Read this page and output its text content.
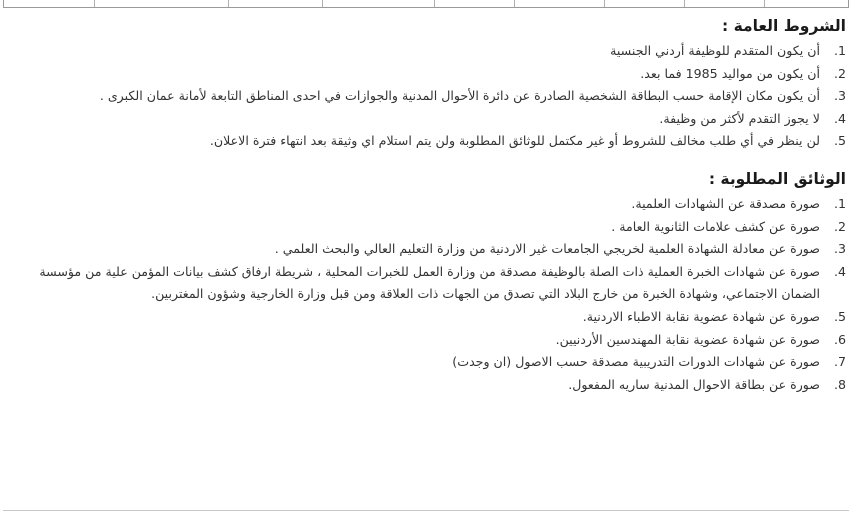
الشروط العامة :
1.
أن يكون المتقدم للوظيفة أردني الجنسية
2.
أن يكون من مواليد 1985 فما بعد.
3.
أن يكون مكان الإقامة حسب البطاقة الشخصية الصادرة عن دائرة الأحوال المدنية والجوازات في احدى المناطق التابعة لأمانة عمان الكبرى .
4.
لا يجوز التقدم لأكثر من وظيفة.
5.
لن ينظر في أي طلب مخالف للشروط أو غير مكتمل للوثائق المطلوبة ولن يتم استلام اي وثيقة بعد انتهاء فترة الاعلان.
الوثائق المطلوبة :
1.
صورة مصدقة عن الشهادات العلمية.
2.
صورة عن كشف علامات الثانوية العامة .
3.
صورة عن معادلة الشهادة العلمية لخريجي الجامعات غير الاردنية من وزارة التعليم العالي والبحث العلمي .
4.
صورة عن شهادات الخبرة العملية ذات الصلة بالوظيفة مصدقة من وزارة العمل للخبرات المحلية ، شريطة ارفاق كشف بيانات المؤمن علية من مؤسسة الضمان الاجتماعي، وشهادة الخبرة من خارج البلاد التي تصدق من الجهات ذات العلاقة ومن قبل وزارة الخارجية وشؤون المغتربين.
5.
صورة عن شهادة عضوية نقابة الاطباء الاردنية.
6.
صورة عن شهادة عضوية نقابة المهندسين الأردنيين.
7.
صورة عن شهادات الدورات التدريبية مصدقة حسب الاصول (ان وجدت)
8.
صورة عن بطاقة الاحوال المدنية ساريه المفعول.
